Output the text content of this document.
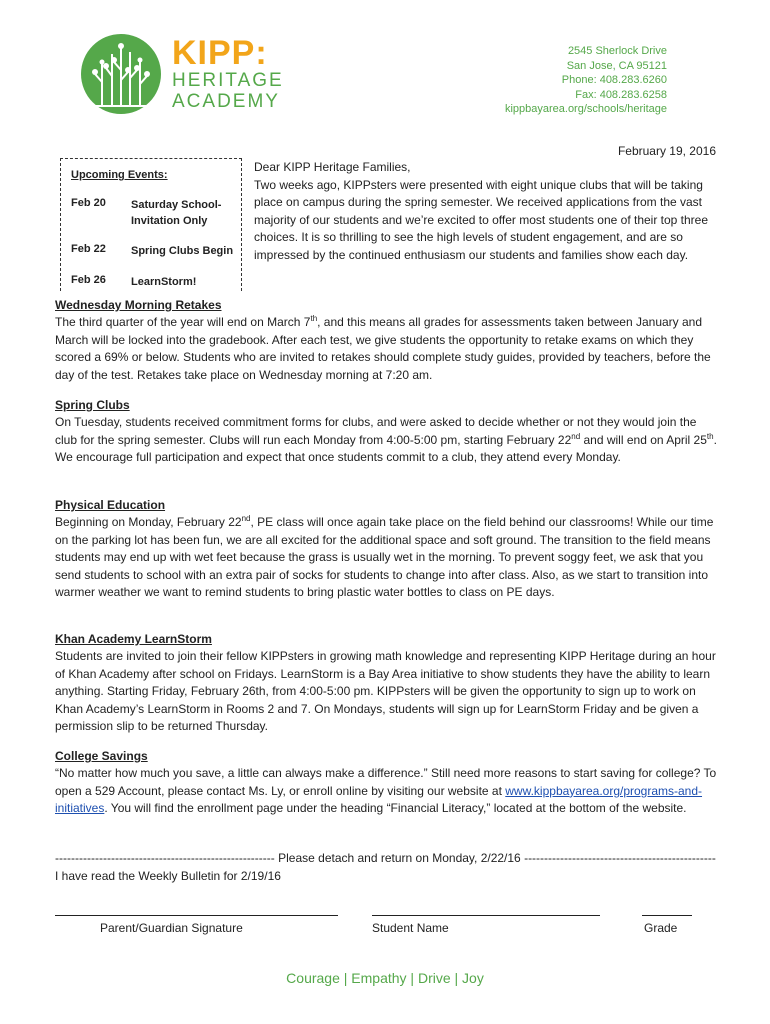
KIPP:
HERITAGE
ACADEMY
2545 Sherlock Drive
San Jose, CA 95121
Phone: 408.283.6260
Fax: 408.283.6258
kippbayarea.org/schools/heritage
February 19, 2016
Upcoming Events:
Feb 20 Saturday School- Invitation Only
Feb 22 Spring Clubs Begin
Feb 26 LearnStorm!
Dear KIPP Heritage Families,
Two weeks ago, KIPPsters were presented with eight unique clubs that will be taking place on campus during the spring semester. We received applications from the vast majority of our students and we’re excited to offer most students one of their top three choices. It is so thrilling to see the high levels of student engagement, and are so impressed by the continued enthusiasm our students and families show each day.
Wednesday Morning Retakes

The third quarter of the year will end on March 7th, and this means all grades for assessments taken between January and March will be locked into the gradebook. After each test, we give students the opportunity to retake exams on which they scored a 69% or below. Students who are invited to retakes should complete study guides, provided by teachers, before the day of the test. Retakes take place on Wednesday morning at 7:20 am.

Spring Clubs

On Tuesday, students received commitment forms for clubs, and were asked to decide whether or not they would join the club for the spring semester. Clubs will run each Monday from 4:00-5:00 pm, starting February 22nd and will end on April 25th. We encourage full participation and expect that once students commit to a club, they attend every Monday.

Physical Education

Beginning on Monday, February 22nd, PE class will once again take place on the field behind our classrooms! While our time on the parking lot has been fun, we are all excited for the additional space and soft ground. The transition to the field means students may end up with wet feet because the grass is usually wet in the morning. To prevent soggy feet, we ask that you send students to school with an extra pair of socks for students to change into after class. Also, as we start to transition into warmer weather we want to remind students to bring plastic water bottles to class on PE days.

Khan Academy LearnStorm

Students are invited to join their fellow KIPPsters in growing math knowledge and representing KIPP Heritage during an hour of Khan Academy after school on Fridays. LearnStorm is a Bay Area initiative to show students they have the ability to learn anything. Starting Friday, February 26th, from 4:00-5:00 pm. KIPPsters will be given the opportunity to sign up to work on Khan Academy’s LearnStorm in Rooms 2 and 7. On Mondays, students will sign up for LearnStorm Friday and be given a permission slip to be returned Thursday.

College Savings

“No matter how much you save, a little can always make a difference.” Still need more reasons to start saving for college? To open a 529 Account, please contact Ms. Ly, or enroll online by visiting our website at www.kippbayarea.org/programs-and-initiatives. You will find the enrollment page under the heading “Financial Literacy,” located at the bottom of the website.

------------------------------------------------------- Please detach and return on Monday, 2/22/16 ------------------------------------------------
I have read the Weekly Bulletin for 2/19/16
Parent/Guardian Signature	Student Name	Grade
Courage | Empathy | Drive | Joy
